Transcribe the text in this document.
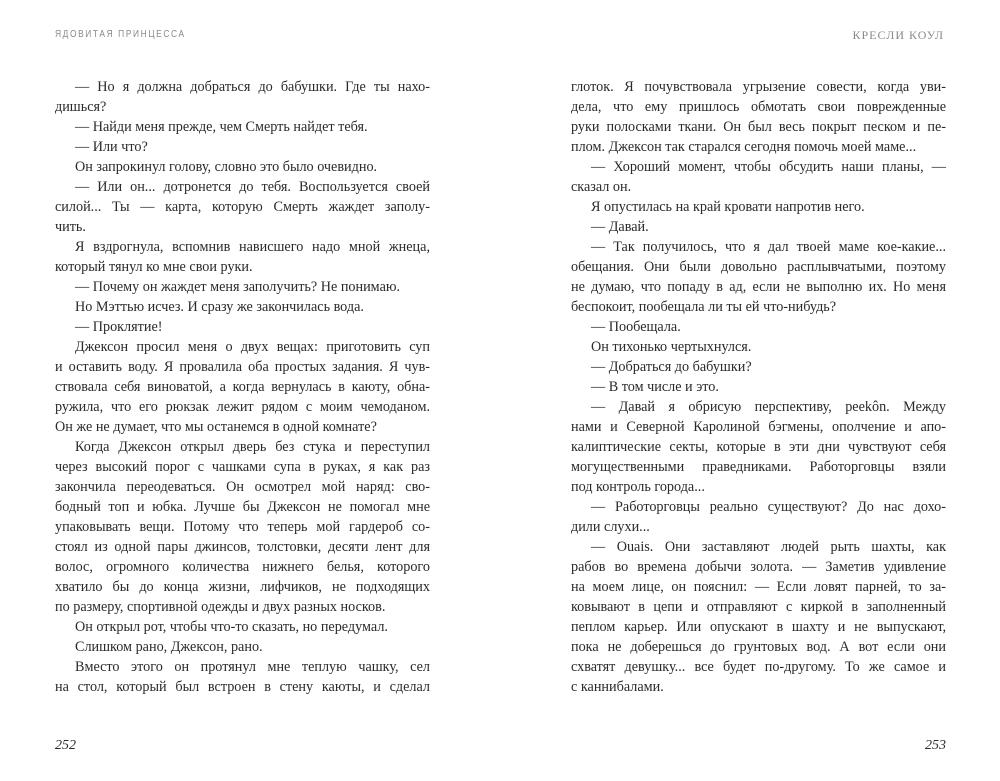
ЯДОВИТАЯ ПРИНЦЕССА
— Но я должна добраться до бабушки. Где ты нахо-
дишься?
— Найди меня прежде, чем Смерть найдет тебя.
— Или что?
Он запрокинул голову, словно это было очевидно.
— Или он... дотронется до тебя. Воспользуется своей
силой... Ты — карта, которую Смерть жаждет заполу-
чить.
Я вздрогнула, вспомнив нависшего надо мной жнеца,
который тянул ко мне свои руки.
— Почему он жаждет меня заполучить? Не понимаю.
Но Мэттью исчез. И сразу же закончилась вода.
— Проклятие!
Джексон просил меня о двух вещах: приготовить суп
и оставить воду. Я провалила оба простых задания. Я чув-
ствовала себя виноватой, а когда вернулась в каюту, обна-
ружила, что его рюкзак лежит рядом с моим чемоданом.
Он же не думает, что мы останемся в одной комнате?
Когда Джексон открыл дверь без стука и переступил
через высокий порог с чашками супа в руках, я как раз
закончила переодеваться. Он осмотрел мой наряд: сво-
бодный топ и юбка. Лучше бы Джексон не помогал мне
упаковывать вещи. Потому что теперь мой гардероб со-
стоял из одной пары джинсов, толстовки, десяти лент для
волос, огромного количества нижнего белья, которого
хватило бы до конца жизни, лифчиков, не подходящих
по размеру, спортивной одежды и двух разных носков.
Он открыл рот, чтобы что-то сказать, но передумал.
Слишком рано, Джексон, рано.
Вместо этого он протянул мне теплую чашку, сел
на стол, который был встроен в стену каюты, и сделал
252
КРЕСЛИ КОУЛ
глоток. Я почувствовала угрызение совести, когда уви-
дела, что ему пришлось обмотать свои поврежденные
руки полосками ткани. Он был весь покрыт песком и пе-
плом. Джексон так старался сегодня помочь моей маме...
— Хороший момент, чтобы обсудить наши планы, —
сказал он.
Я опустилась на край кровати напротив него.
— Давай.
— Так получилось, что я дал твоей маме кое-какие...
обещания. Они были довольно расплывчатыми, поэтому
не думаю, что попаду в ад, если не выполню их. Но меня
беспокоит, пообещала ли ты ей что-нибудь?
— Пообещала.
Он тихонько чертыхнулся.
— Добраться до бабушки?
— В том числе и это.
— Давай я обрисую перспективу, peekôn. Между
нами и Северной Каролиной бэгмены, ополчение и апо-
калиптические секты, которые в эти дни чувствуют себя
могущественными праведниками. Работорговцы взяли
под контроль города...
— Работорговцы реально существуют? До нас дохо-
дили слухи...
— Ouais. Они заставляют людей рыть шахты, как
рабов во времена добычи золота. — Заметив удивление
на моем лице, он пояснил: — Если ловят парней, то за-
ковывают в цепи и отправляют с киркой в заполненный
пеплом карьер. Или опускают в шахту и не выпускают,
пока не доберешься до грунтовых вод. А вот если они
схватят девушку... все будет по-другому. То же самое и
с каннибалами.
253
